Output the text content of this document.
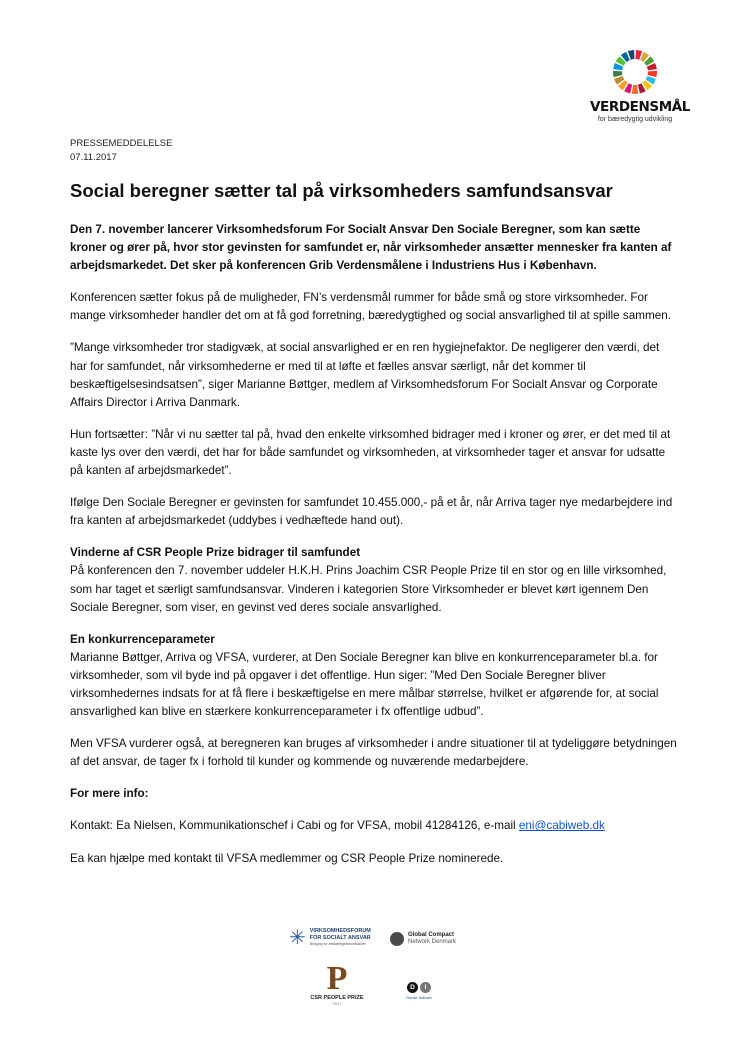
VERDENSMÅL
for bæredygtig udvikling
PRESSEMEDDELELSE
07.11.2017
Social beregner sætter tal på virksomheders samfundsansvar

Den 7. november lancerer Virksomhedsforum For Socialt Ansvar Den Sociale Beregner, som kan sætte kroner og ører på, hvor stor gevinsten for samfundet er, når virksomheder ansætter mennesker fra kanten af arbejdsmarkedet. Det sker på konferencen Grib Verdensmålene i Industriens Hus i København.

Konferencen sætter fokus på de muligheder, FN’s verdensmål rummer for både små og store virksomheder. For mange virksomheder handler det om at få god forretning, bæredygtighed og social ansvarlighed til at spille sammen.

”Mange virksomheder tror stadigvæk, at social ansvarlighed er en ren hygiejnefaktor. De negligerer den værdi, det har for samfundet, når virksomhederne er med til at løfte et fælles ansvar særligt, når det kommer til beskæftigelsesindsatsen”, siger Marianne Bøttger, medlem af Virksomhedsforum For Socialt Ansvar og Corporate Affairs Director i Arriva Danmark.

Hun fortsætter: ”Når vi nu sætter tal på, hvad den enkelte virksomhed bidrager med i kroner og ører, er det med til at kaste lys over den værdi, det har for både samfundet og virksomheden, at virksomheder tager et ansvar for udsatte på kanten af arbejdsmarkedet”.

Ifølge Den Sociale Beregner er gevinsten for samfundet 10.455.000,- på et år, når Arriva tager nye medarbejdere ind fra kanten af arbejdsmarkedet (uddybes i vedhæftede hand out).

Vinderne af CSR People Prize bidrager til samfundet
På konferencen den 7. november uddeler H.K.H. Prins Joachim CSR People Prize til en stor og en lille virksomhed, som har taget et særligt samfundsansvar. Vinderen i kategorien Store Virksomheder er blevet kørt igennem Den Sociale Beregner, som viser, en gevinst ved deres sociale ansvarlighed.

En konkurrenceparameter
Marianne Bøttger, Arriva og VFSA, vurderer, at Den Sociale Beregner kan blive en konkurrenceparameter bl.a. for virksomheder, som vil byde ind på opgaver i det offentlige. Hun siger: ”Med Den Sociale Beregner bliver virksomhedernes indsats for at få flere i beskæftigelse en mere målbar størrelse, hvilket er afgørende for, at social ansvarlighed kan blive en stærkere konkurrenceparameter i fx offentlige udbud”.

Men VFSA vurderer også, at beregneren kan bruges af virksomheder i andre situationer til at tydeliggøre betydningen af det ansvar, de tager fx i forhold til kunder og kommende og nuværende medarbejdere.

For mere info:

Kontakt: Ea Nielsen, Kommunikationschef i Cabi og for VFSA, mobil 41284126, e-mail eni@cabiweb.dk

Ea kan hjælpe med kontakt til VFSA medlemmer og CSR People Prize nominerede.

✳ VIRKSOMHEDSFORUM
FOR SOCIALT ANSVAR
Bridging for beskæftigelsesinitiativer
Global Compact
Network Denmark
P
CSR PEOPLE PRIZE
2017
D	I
Dansk Industri
